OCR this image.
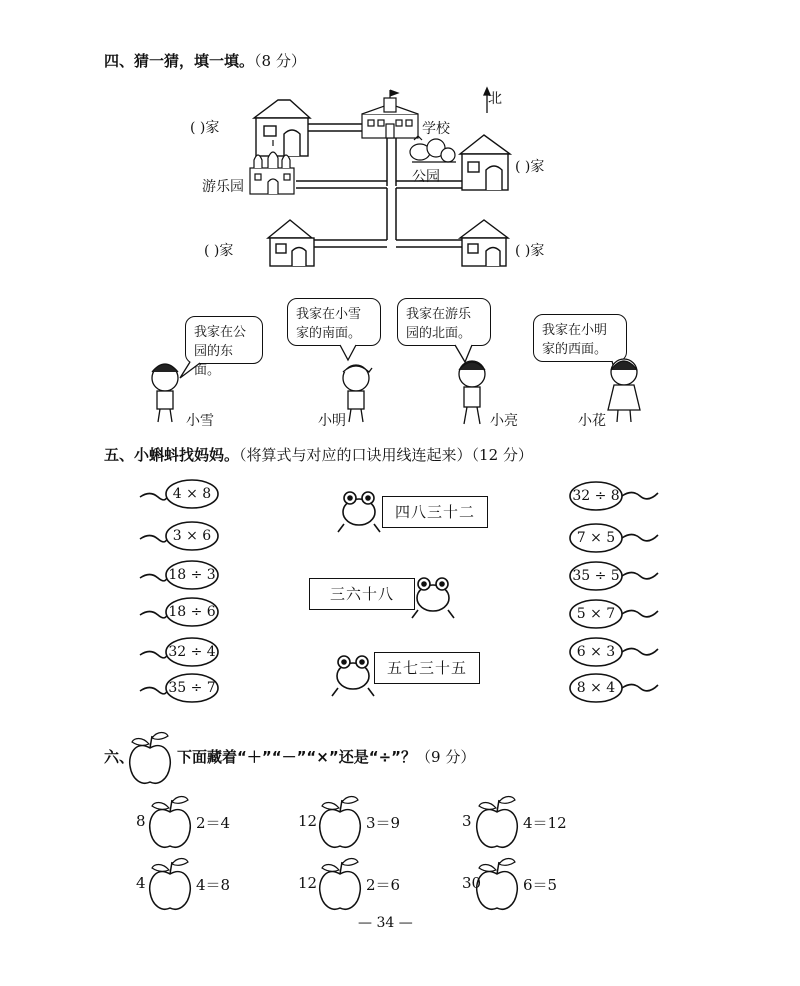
四、猜一猜，填一填。（8 分）
北
学校
公园
游乐园
( )家
( )家
( )家	( )家
我家在公
园的东面。
我家在小雪
家的南面。
我家在游乐
园的北面。	我家在小明
家的西面。
小雪	小明	小亮	小花
五、小蝌蚪找妈妈。（将算式与对应的口诀用线连起来）（12 分）
4 × 8
3 × 6
18 ÷ 3
18 ÷ 6
32 ÷ 4
35 ÷ 7
32 ÷ 8
7 × 5
35 ÷ 5
5 × 7
6 × 3
8 × 4
四八三十二
三六十八
五七三十五
六、	下面藏着“＋”“－”“×”还是“÷”？（9 分）
8	2＝4	12	3＝9	3	4＝12
4	4＝8	12	2＝6	30	6＝5
— 34 —
